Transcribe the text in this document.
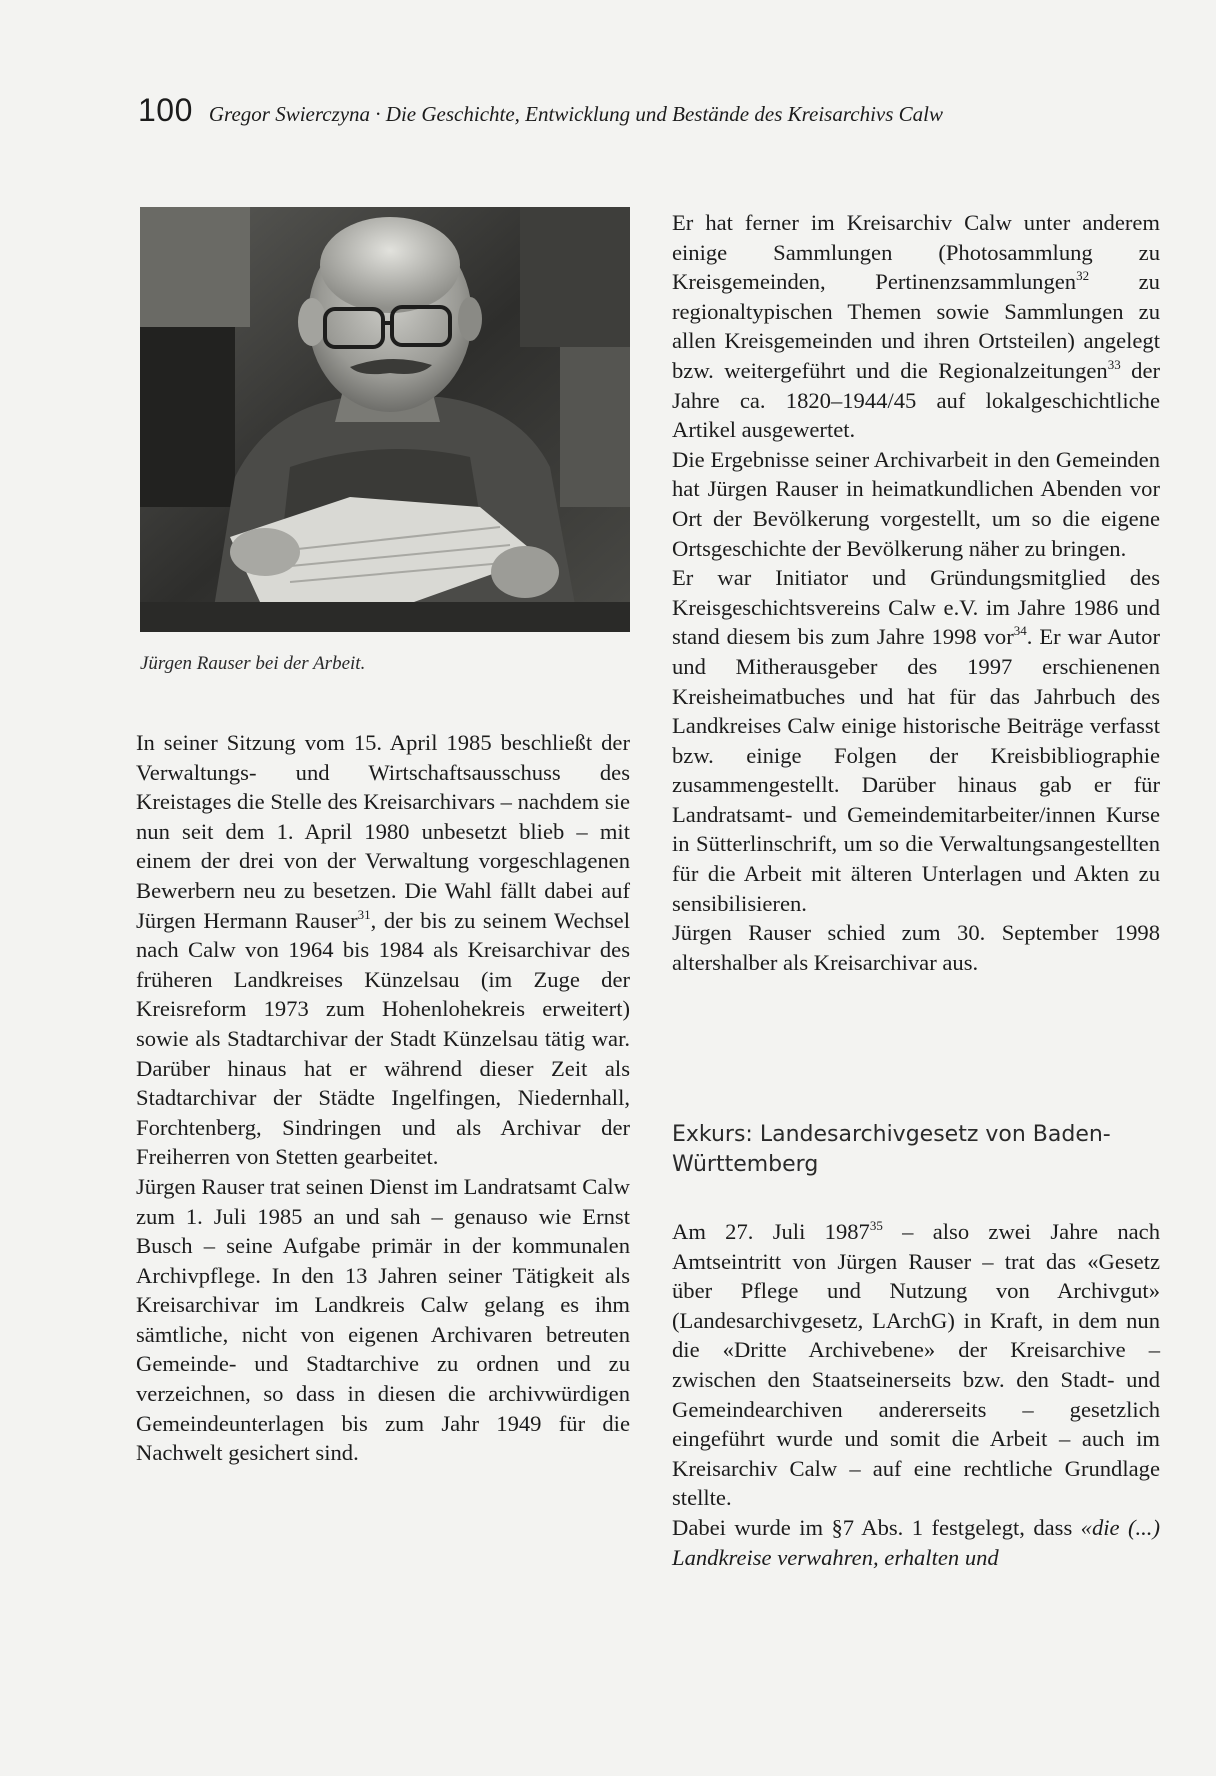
100 Gregor Swierczyna · Die Geschichte, Entwicklung und Bestände des Kreisarchivs Calw
Jürgen Rauser bei der Arbeit.

In seiner Sitzung vom 15. April 1985 beschließt der Verwaltungs- und Wirtschaftsausschuss des Kreistages die Stelle des Kreisarchivars – nachdem sie nun seit dem 1. April 1980 unbesetzt blieb – mit einem der drei von der Verwaltung vorgeschlagenen Bewerbern neu zu besetzen. Die Wahl fällt dabei auf Jürgen Hermann Rauser$^{31}$, der bis zu seinem Wechsel nach Calw von 1964 bis 1984 als Kreisarchivar des früheren Landkreises Künzelsau (im Zuge der Kreisreform 1973 zum Hohenlohekreis erweitert) sowie als Stadtarchivar der Stadt Künzelsau tätig war. Darüber hinaus hat er während dieser Zeit als Stadtarchivar der Städte Ingelfingen, Niedernhall, Forchtenberg, Sindringen und als Archivar der Freiherren von Stetten gearbeitet.

Jürgen Rauser trat seinen Dienst im Landratsamt Calw zum 1. Juli 1985 an und sah – genauso wie Ernst Busch – seine Aufgabe primär in der kommunalen Archivpflege. In den 13 Jahren seiner Tätigkeit als Kreisarchivar im Landkreis Calw gelang es ihm sämtliche, nicht von eigenen Archivaren betreuten Gemeinde- und Stadtarchive zu ordnen und zu verzeichnen, so dass in diesen die archivwürdigen Gemeindeunterlagen bis zum Jahr 1949 für die Nachwelt gesichert sind.

Er hat ferner im Kreisarchiv Calw unter anderem einige Sammlungen (Photosammlung zu Kreisgemeinden, Pertinenzsammlungen$^{32}$ zu regionaltypischen Themen sowie Sammlungen zu allen Kreisgemeinden und ihren Ortsteilen) angelegt bzw. weitergeführt und die Regionalzeitungen$^{33}$ der Jahre ca. 1820–1944/45 auf lokalgeschichtliche Artikel ausgewertet.

Die Ergebnisse seiner Archivarbeit in den Gemeinden hat Jürgen Rauser in heimatkundlichen Abenden vor Ort der Bevölkerung vorgestellt, um so die eigene Ortsgeschichte der Bevölkerung näher zu bringen.

Er war Initiator und Gründungsmitglied des Kreisgeschichtsvereins Calw e.V. im Jahre 1986 und stand diesem bis zum Jahre 1998 vor$^{34}$. Er war Autor und Mitherausgeber des 1997 erschienenen Kreisheimatbuches und hat für das Jahrbuch des Landkreises Calw einige historische Beiträge verfasst bzw. einige Folgen der Kreisbibliographie zusammengestellt. Darüber hinaus gab er für Landratsamt- und Gemeindemitarbeiter/innen Kurse in Sütterlinschrift, um so die Verwaltungsangestellten für die Arbeit mit älteren Unterlagen und Akten zu sensibilisieren.

Jürgen Rauser schied zum 30. September 1998 altershalber als Kreisarchivar aus.

Exkurs: Landesarchivgesetz von Baden-Württemberg

Am 27. Juli 1987$^{35}$ – also zwei Jahre nach Amtseintritt von Jürgen Rauser – trat das «Gesetz über Pflege und Nutzung von Archivgut» (Landesarchivgesetz, LArchG) in Kraft, in dem nun die «Dritte Archivebene» der Kreisarchive – zwischen den Staatseinerseits bzw. den Stadt- und Gemeindearchiven andererseits – gesetzlich eingeführt wurde und somit die Arbeit – auch im Kreisarchiv Calw – auf eine rechtliche Grundlage stellte.

Dabei wurde im §7 Abs. 1 festgelegt, dass «die (...) Landkreise verwahren, erhalten und
